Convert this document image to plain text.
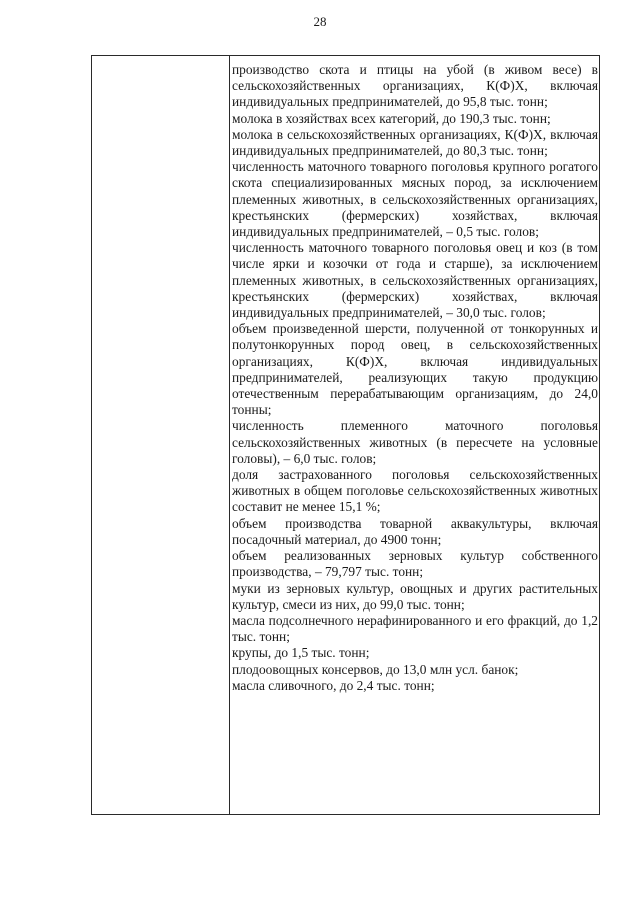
28

производство скота и птицы на убой (в живом весе) в сельскохозяйственных организациях, К(Ф)Х, включая индивидуальных предпринимателей, до 95,8 тыс. тонн;

молока в хозяйствах всех категорий, до 190,3 тыс. тонн;

молока в сельскохозяйственных организациях, К(Ф)Х, включая индивидуальных предпринимателей, до 80,3 тыс. тонн;

численность маточного товарного поголовья крупного рогатого скота специализированных мясных пород, за исключением племенных животных, в сельскохозяйственных организациях, крестьянских (фермерских) хозяйствах, включая индивидуальных предпринимателей, – 0,5 тыс. голов;

численность маточного товарного поголовья овец и коз (в том числе ярки и козочки от года и старше), за исключением племенных животных, в сельскохозяйственных организациях, крестьянских (фермерских) хозяйствах, включая индивидуальных предпринимателей, – 30,0 тыс. голов;

объем произведенной шерсти, полученной от тонкорунных и полутонкорунных пород овец, в сельскохозяйственных организациях, К(Ф)Х, включая индивидуальных предпринимателей, реализующих такую продукцию отечественным перерабатывающим организациям, до 24,0 тонны;

численность племенного маточного поголовья сельскохозяйственных животных (в пересчете на условные головы), – 6,0 тыс. голов;

доля застрахованного поголовья сельскохозяйственных животных в общем поголовье сельскохозяйственных животных составит не менее 15,1 %;

объем производства товарной аквакультуры, включая посадочный материал, до 4900 тонн;

объем реализованных зерновых культур собственного производства, – 79,797 тыс. тонн;

муки из зерновых культур, овощных и других растительных культур, смеси из них, до 99,0 тыс. тонн;

масла подсолнечного нерафинированного и его фракций, до 1,2 тыс. тонн;

крупы, до 1,5 тыс. тонн;

плодоовощных консервов, до 13,0 млн усл. банок;

масла сливочного, до 2,4 тыс. тонн;
